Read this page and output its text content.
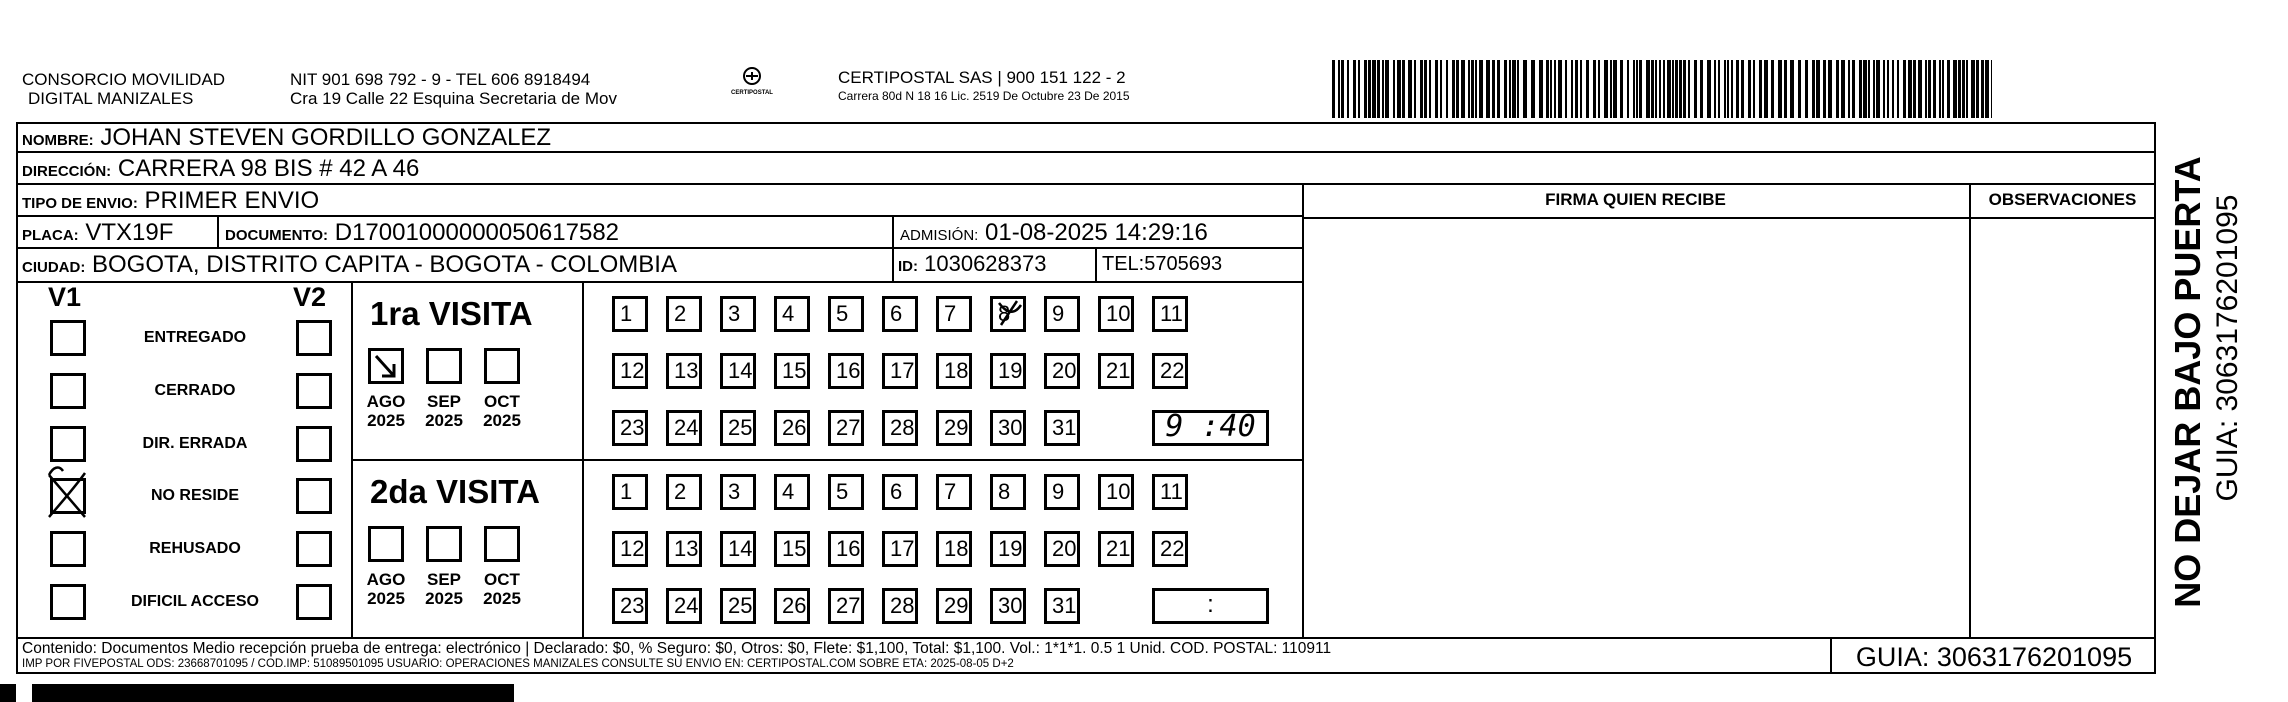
CONSORCIO MOVILIDAD
DIGITAL MANIZALES
NIT 901 698 792 - 9 - TEL 606 8918494
Cra 19 Calle 22 Esquina Secretaria de Mov	CERTIPOSTAL
CERTIPOSTAL SAS | 900 151 122 - 2
Carrera 80d N 18 16 Lic. 2519 De Octubre 23 De 2015
NOMBRE: JOHAN STEVEN GORDILLO GONZALEZ
DIRECCIÓN: CARRERA 98 BIS # 42 A 46
TIPO DE ENVIO: PRIMER ENVIO	FIRMA QUIEN RECIBE	OBSERVACIONES
PLACA: VTX19F	DOCUMENTO: D17001000000050617582	ADMISIÓN: 01-08-2025 14:29:16
CIUDAD: BOGOTA, DISTRITO CAPITA - BOGOTA - COLOMBIA	ID: 1030628373	TEL:5705693
V1	V2
ENTREGADO
CERRADO
DIR. ERRADA
NO RESIDE
REHUSADO
DIFICIL ACCESO
1ra VISITA
AGO
2025
SEP
2025
OCT
2025
1	2	3	4	5	6	7	8	9	10	11
12	13	14	15	16	17	18	19	20	21	22
23	24	25	26	27	28	29	30	31	9 :40
2da VISITA
AGO
2025
SEP
2025
OCT
2025
1	2	3	4	5	6	7	8	9	10	11
12	13	14	15	16	17	18	19	20	21	22
23	24	25	26	27	28	29	30	31	:	NO DEJAR BAJO PUERTA GUIA: 3063176201095
Contenido: Documentos Medio recepción prueba de entrega: electrónico | Declarado: $0, % Seguro: $0, Otros: $0, Flete: $1,100, Total: $1,100. Vol.: 1*1*1. 0.5 1 Unid. COD. POSTAL: 110911
IMP POR FIVEPOSTAL ODS: 23668701095 / COD.IMP: 51089501095 USUARIO: OPERACIONES MANIZALES CONSULTE SU ENVIO EN: CERTIPOSTAL.COM SOBRE ETA: 2025-08-05 D+2	GUIA: 3063176201095
